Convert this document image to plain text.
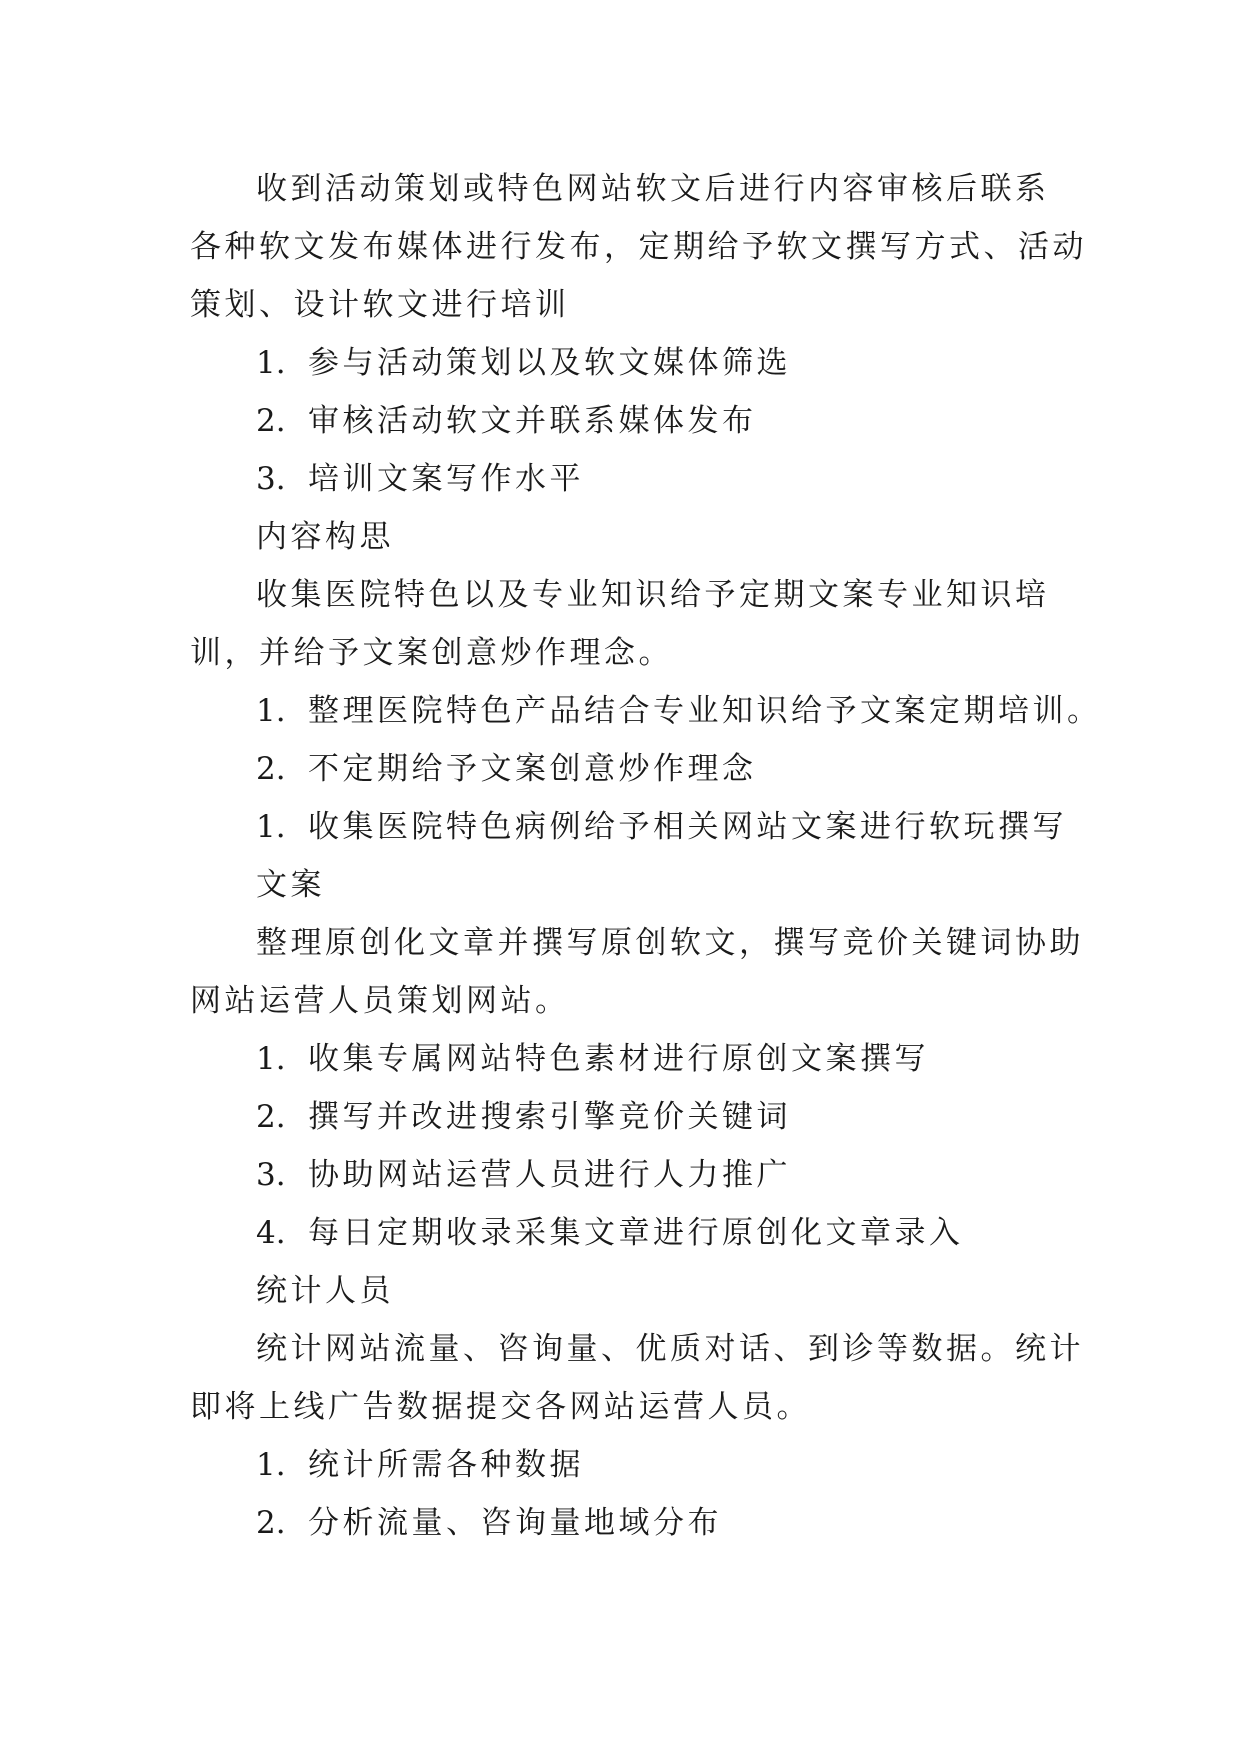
收到活动策划或特色网站软文后进行内容审核后联系
各种软文发布媒体进行发布，定期给予软文撰写方式、活动
策划、设计软文进行培训
1. 参与活动策划以及软文媒体筛选
2. 审核活动软文并联系媒体发布
3. 培训文案写作水平
内容构思
收集医院特色以及专业知识给予定期文案专业知识培
训，并给予文案创意炒作理念。
1. 整理医院特色产品结合专业知识给予文案定期培训。
2. 不定期给予文案创意炒作理念
1. 收集医院特色病例给予相关网站文案进行软玩撰写
文案
整理原创化文章并撰写原创软文，撰写竞价关键词协助
网站运营人员策划网站。
1. 收集专属网站特色素材进行原创文案撰写
2. 撰写并改进搜索引擎竞价关键词
3. 协助网站运营人员进行人力推广
4. 每日定期收录采集文章进行原创化文章录入
统计人员
统计网站流量、咨询量、优质对话、到诊等数据。统计
即将上线广告数据提交各网站运营人员。
1. 统计所需各种数据
2. 分析流量、咨询量地域分布
